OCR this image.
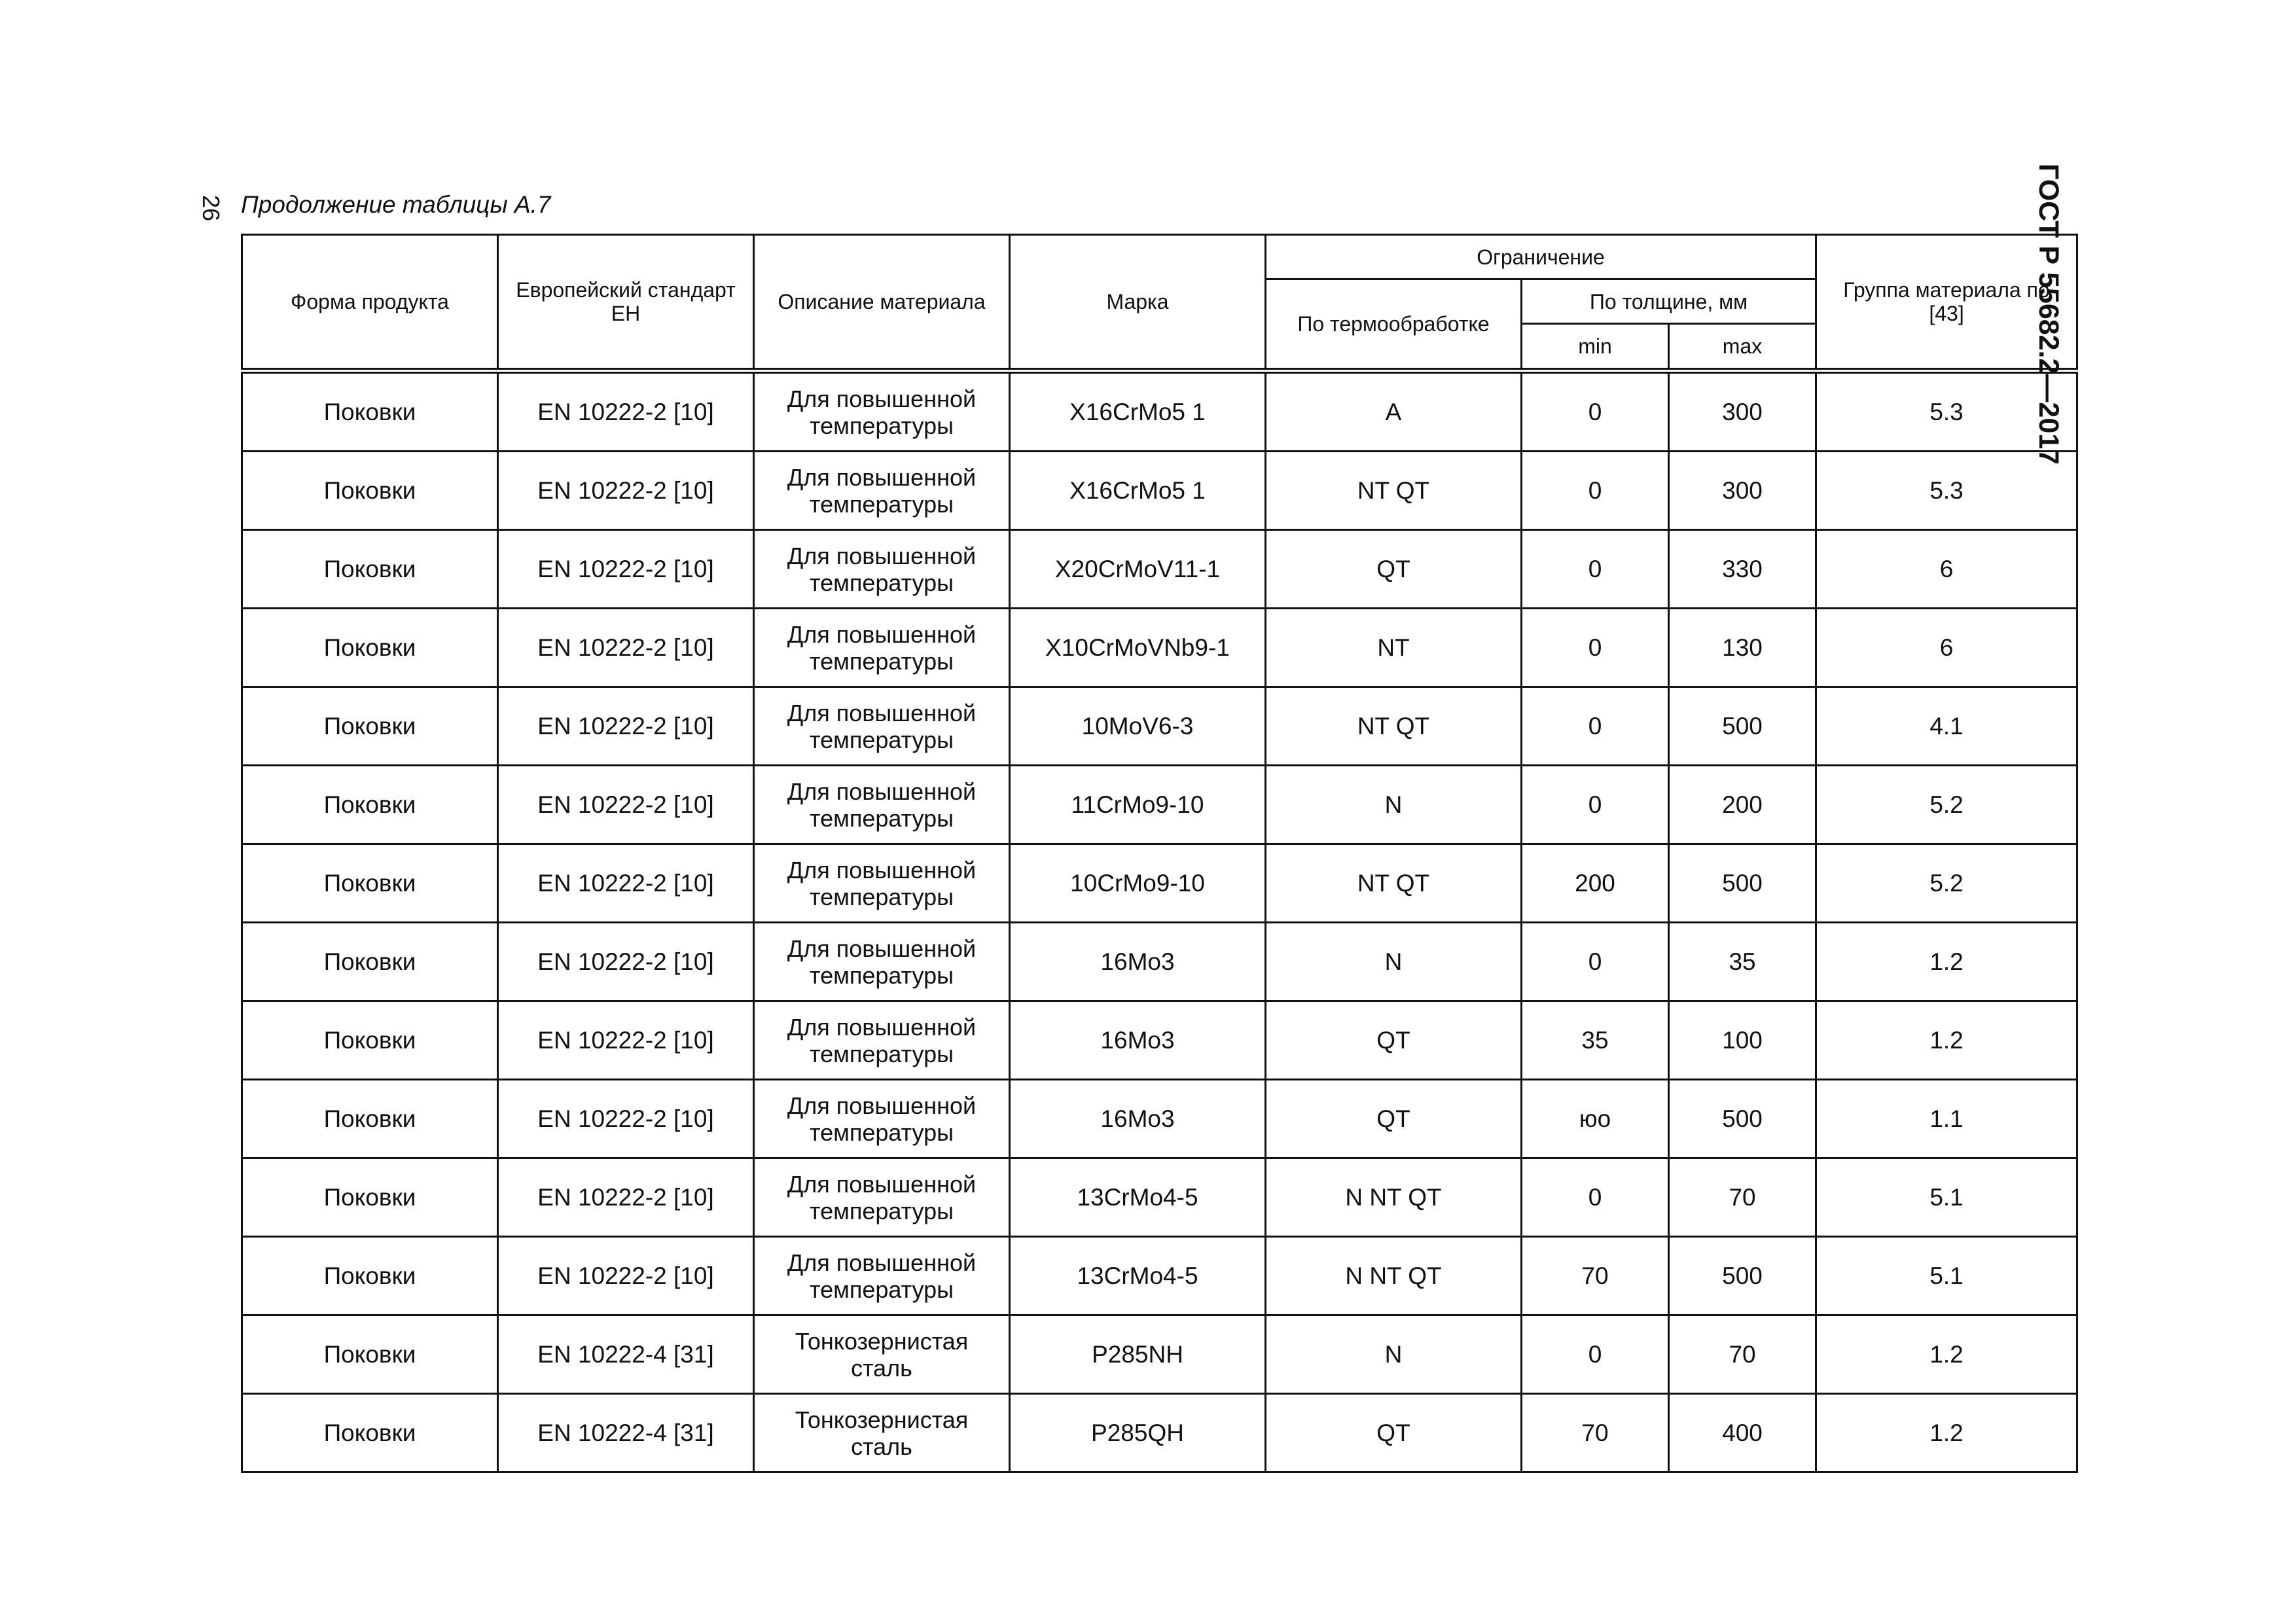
26 Продолжение таблицы А.7	ГОСТ Р 55682.2—2017
Форма продукта	Европейский стандарт ЕН	Описание материала	Марка	Ограничение			Группа материала по [43]
				По термообработке	По толщине, мм		
					min	max	
Поковки	EN 10222-2 [10]	Для повышенной температуры	X16CrMo5 1	A	0	300	5.3
Поковки	EN 10222-2 [10]	Для повышенной температуры	X16CrMo5 1	NT QT	0	300	5.3
Поковки	EN 10222-2 [10]	Для повышенной температуры	X20CrMoV11-1	QT	0	330	6
Поковки	EN 10222-2 [10]	Для повышенной температуры	X10CrMoVNb9-1	NT	0	130	6
Поковки	EN 10222-2 [10]	Для повышенной температуры	10MoV6-3	NT QT	0	500	4.1
Поковки	EN 10222-2 [10]	Для повышенной температуры	11CrMo9-10	N	0	200	5.2
Поковки	EN 10222-2 [10]	Для повышенной температуры	10CrMo9-10	NT QT	200	500	5.2
Поковки	EN 10222-2 [10]	Для повышенной температуры	16Mo3	N	0	35	1.2
Поковки	EN 10222-2 [10]	Для повышенной температуры	16Mo3	QT	35	100	1.2
Поковки	EN 10222-2 [10]	Для повышенной температуры	16Mo3	QT	юо	500	1.1
Поковки	EN 10222-2 [10]	Для повышенной температуры	13CrMo4-5	N NT QT	0	70	5.1
Поковки	EN 10222-2 [10]	Для повышенной температуры	13CrMo4-5	N NT QT	70	500	5.1
Поковки	EN 10222-4 [31]	Тонкозернистая сталь	P285NH	N	0	70	1.2
Поковки	EN 10222-4 [31]	Тонкозернистая сталь	P285QH	QT	70	400	1.2
